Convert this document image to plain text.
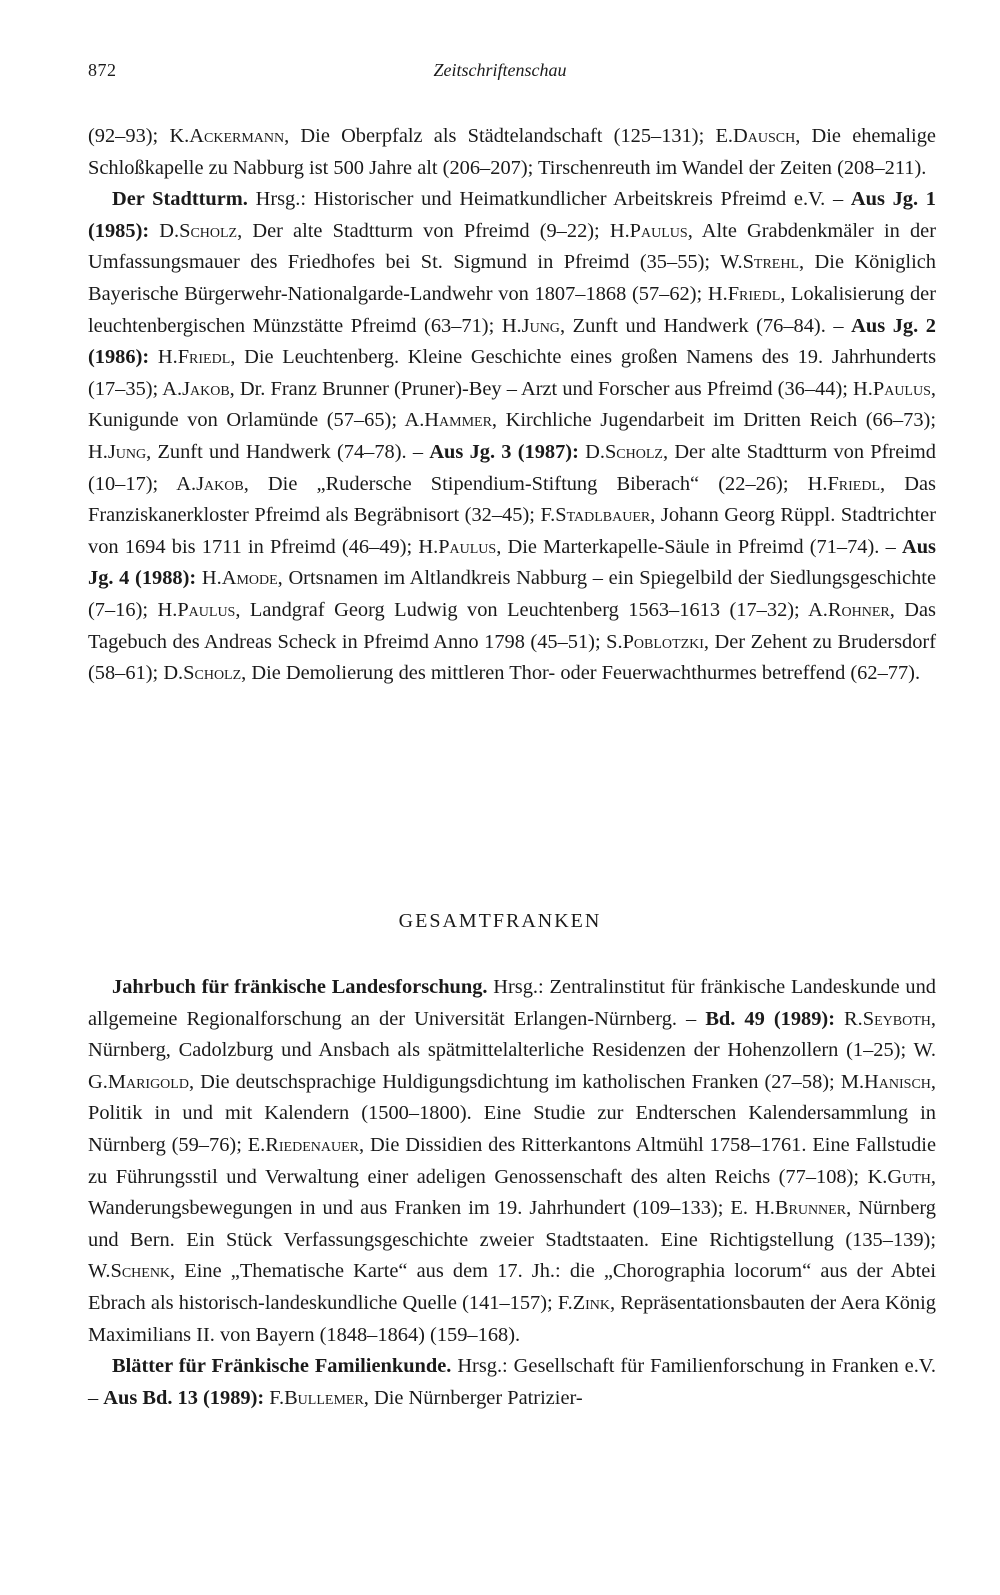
872	Zeitschriftenschau

(92–93); K.Ackermann, Die Oberpfalz als Städtelandschaft (125–131); E.Dausch, Die ehemalige Schloßkapelle zu Nabburg ist 500 Jahre alt (206–207); Tirschenreuth im Wandel der Zeiten (208–211).

Der Stadtturm. Hrsg.: Historischer und Heimatkundlicher Arbeitskreis Pfreimd e.V. – Aus Jg. 1 (1985): D.Scholz, Der alte Stadtturm von Pfreimd (9–22); H.Paulus, Alte Grabdenkmäler in der Umfassungsmauer des Friedhofes bei St. Sigmund in Pfreimd (35–55); W.Strehl, Die Königlich Bayerische Bürgerwehr-Nationalgarde-Landwehr von 1807–1868 (57–62); H.Friedl, Lokalisierung der leuchtenbergischen Münzstätte Pfreimd (63–71); H.Jung, Zunft und Handwerk (76–84). – Aus Jg. 2 (1986): H.Friedl, Die Leuchtenberg. Kleine Geschichte eines großen Namens des 19. Jahrhunderts (17–35); A.Jakob, Dr. Franz Brunner (Pruner)-Bey – Arzt und Forscher aus Pfreimd (36–44); H.Paulus, Kunigunde von Orlamünde (57–65); A.Hammer, Kirchliche Jugendarbeit im Dritten Reich (66–73); H.Jung, Zunft und Handwerk (74–78). – Aus Jg. 3 (1987): D.Scholz, Der alte Stadtturm von Pfreimd (10–17); A.Jakob, Die „Rudersche Stipendium-Stiftung Biberach“ (22–26); H.Friedl, Das Franziskanerkloster Pfreimd als Begräbnisort (32–45); F.Stadlbauer, Johann Georg Rüppl. Stadtrichter von 1694 bis 1711 in Pfreimd (46–49); H.Paulus, Die Marterkapelle-Säule in Pfreimd (71–74). – Aus Jg. 4 (1988): H.Amode, Ortsnamen im Altlandkreis Nabburg – ein Spiegelbild der Siedlungsgeschichte (7–16); H.Paulus, Landgraf Georg Ludwig von Leuchtenberg 1563–1613 (17–32); A.Rohner, Das Tagebuch des Andreas Scheck in Pfreimd Anno 1798 (45–51); S.Poblotzki, Der Zehent zu Brudersdorf (58–61); D.Scholz, Die Demolierung des mittleren Thor- oder Feuerwachthurmes betreffend (62–77).

GESAMTFRANKEN

Jahrbuch für fränkische Landesforschung. Hrsg.: Zentralinstitut für fränkische Landeskunde und allgemeine Regionalforschung an der Universität Erlangen-Nürnberg. – Bd. 49 (1989): R.Seyboth, Nürnberg, Cadolzburg und Ansbach als spätmittelalterliche Residenzen der Hohenzollern (1–25); W. G.Marigold, Die deutschsprachige Huldigungsdichtung im katholischen Franken (27–58); M.Hanisch, Politik in und mit Kalendern (1500–1800). Eine Studie zur Endterschen Kalendersammlung in Nürnberg (59–76); E.Riedenauer, Die Dissidien des Ritterkantons Altmühl 1758–1761. Eine Fallstudie zu Führungsstil und Verwaltung einer adeligen Genossenschaft des alten Reichs (77–108); K.Guth, Wanderungsbewegungen in und aus Franken im 19. Jahrhundert (109–133); E. H.Brunner, Nürnberg und Bern. Ein Stück Verfassungsgeschichte zweier Stadtstaaten. Eine Richtigstellung (135–139); W.Schenk, Eine „Thematische Karte“ aus dem 17. Jh.: die „Chorographia locorum“ aus der Abtei Ebrach als historisch-landeskundliche Quelle (141–157); F.Zink, Repräsentationsbauten der Aera König Maximilians II. von Bayern (1848–1864) (159–168).

Blätter für Fränkische Familienkunde. Hrsg.: Gesellschaft für Familienforschung in Franken e.V. – Aus Bd. 13 (1989): F.Bullemer, Die Nürnberger Patrizier-
